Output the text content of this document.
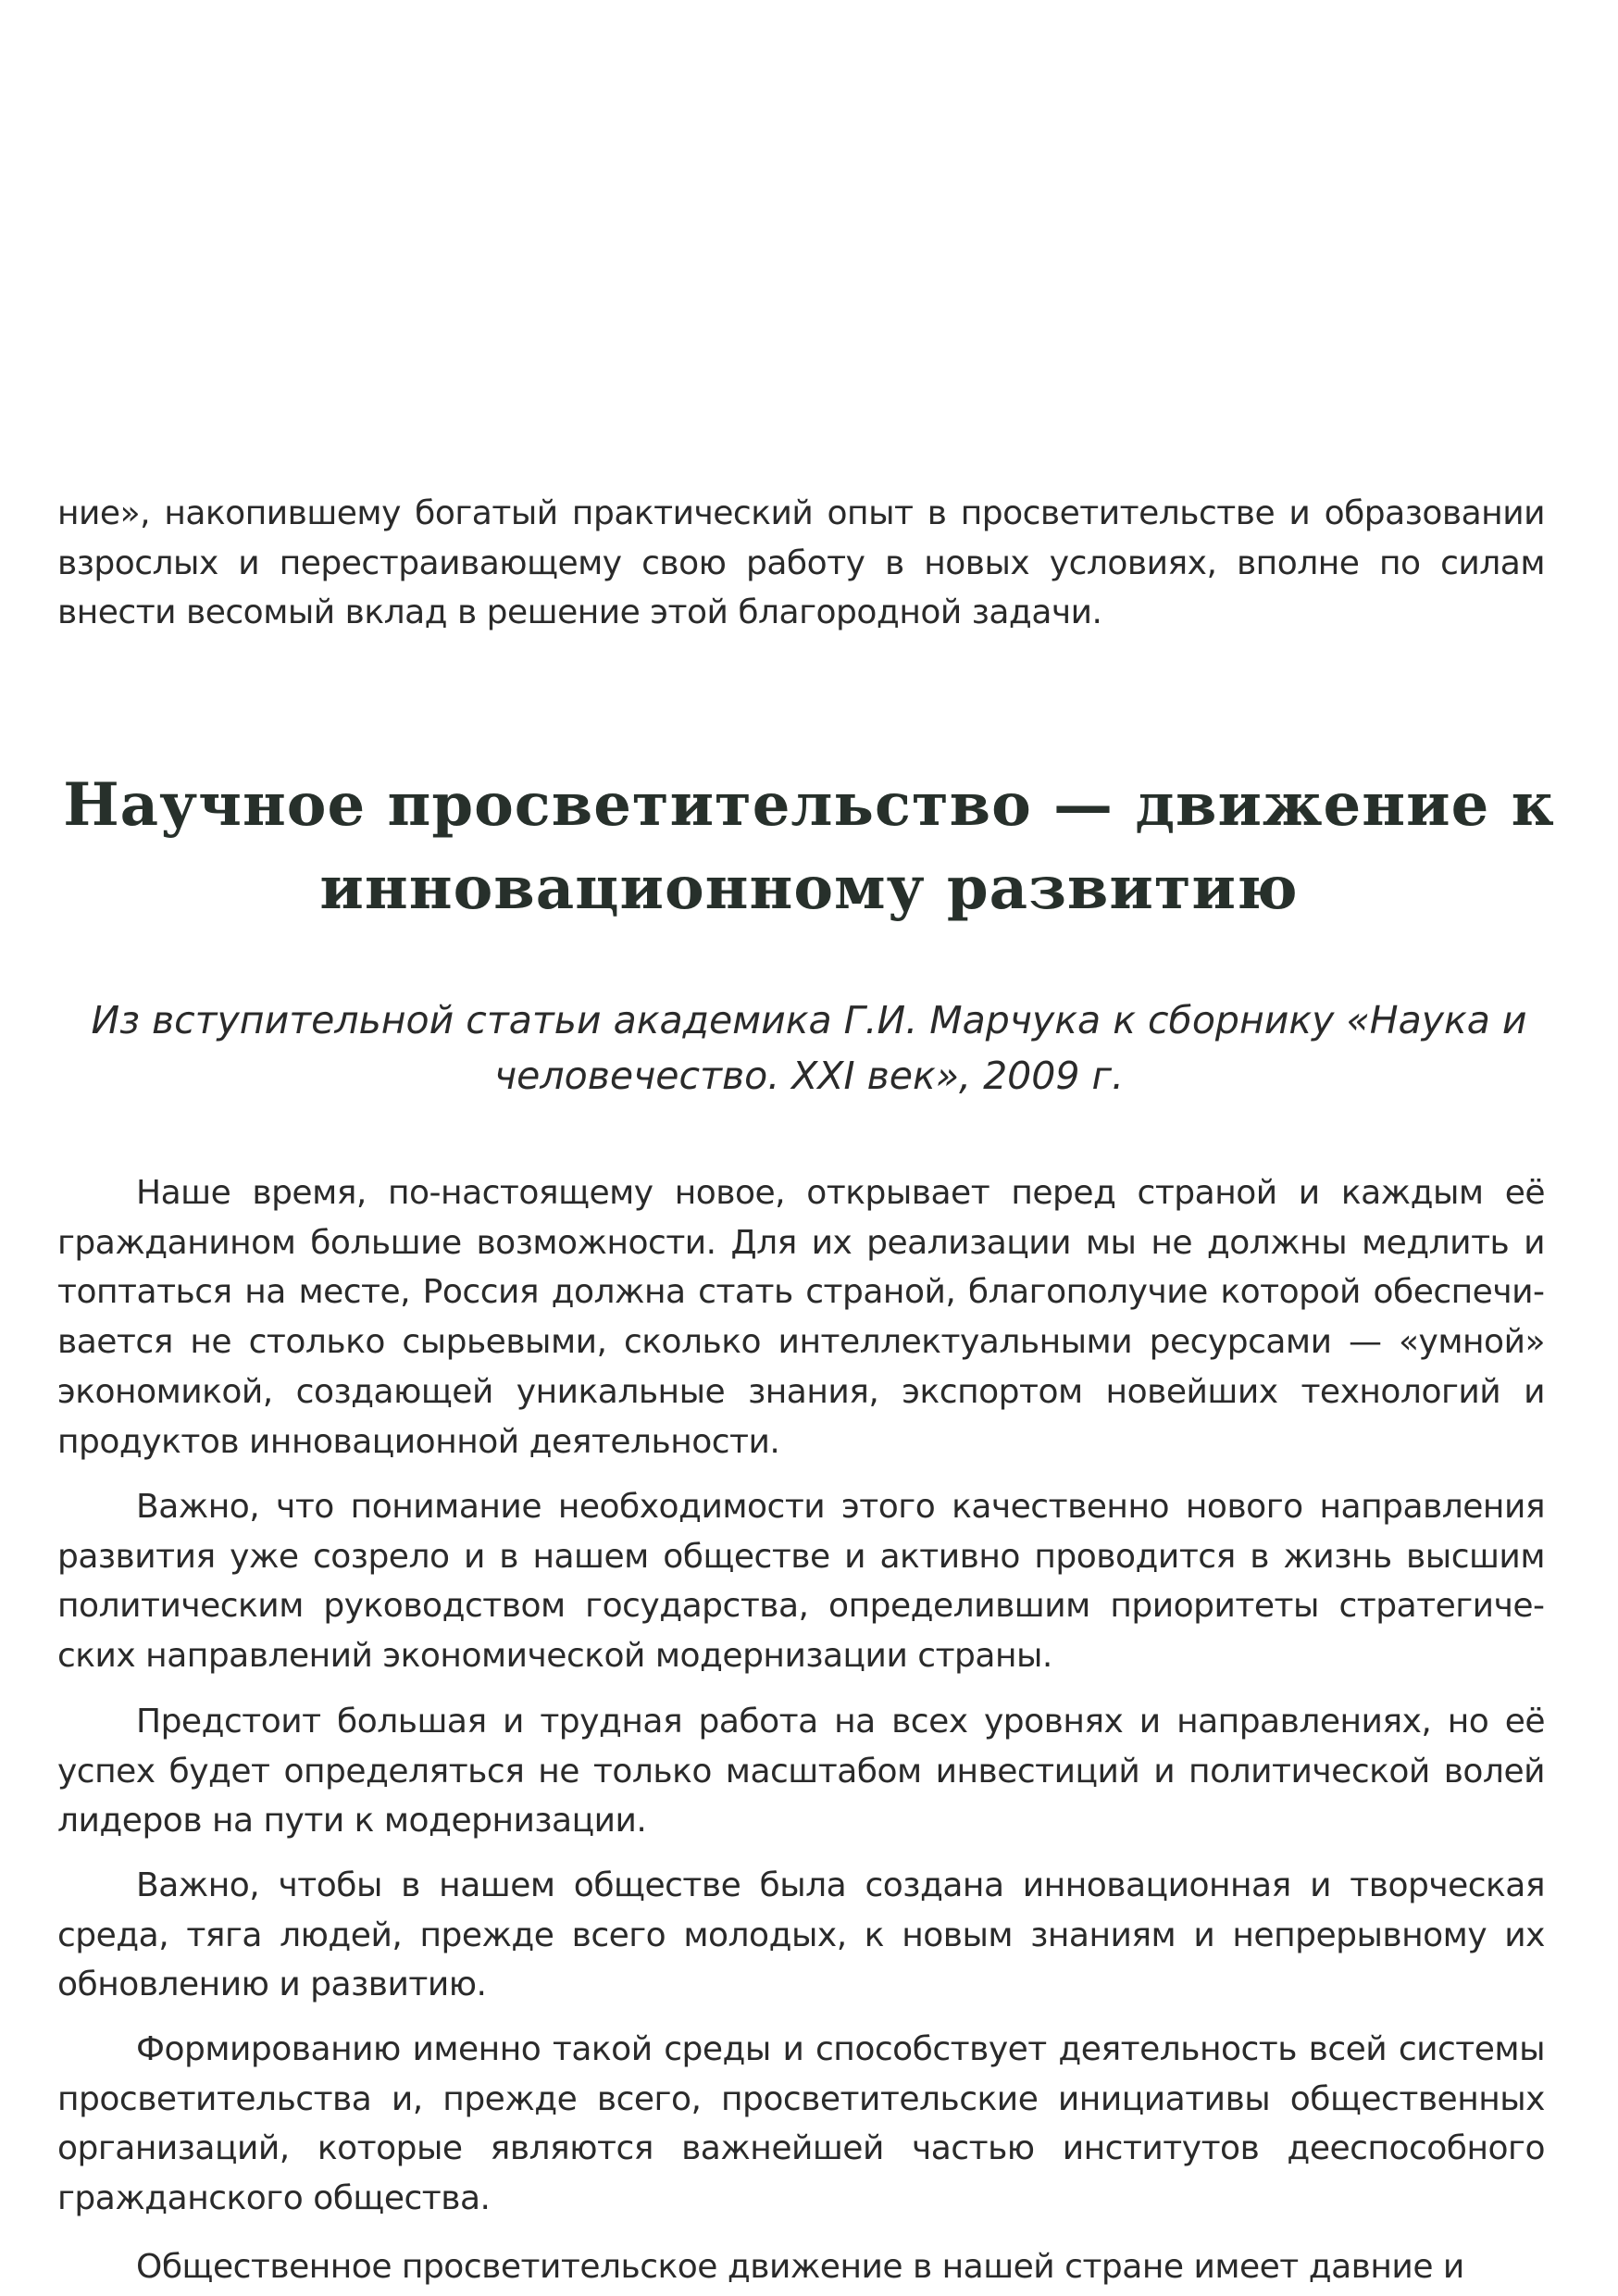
ние», накопившему богатый практический опыт в просветительстве и образовании взрослых и перестраивающему свою работу в новых условиях, вполне по силам внести весомый вклад в решение этой благородной задачи.

Научное просветительство — движение к инновационному развитию

Из вступительной статьи академика Г.И. Марчука к сборнику «Наука и человечество. XXI век», 2009 г.

Наше время, по-настоящему новое, открывает перед страной и каждым её гражданином большие возможности. Для их реализации мы не должны медлить и топтаться на месте, Россия должна стать страной, благополучие которой обеспечивается не столько сырьевыми, сколько интеллектуальными ресурсами — «умной» экономикой, создающей уникальные знания, экспортом новейших технологий и продуктов инновационной деятельности.

Важно, что понимание необходимости этого качественно нового направления развития уже созрело и в нашем обществе и активно проводится в жизнь высшим политическим руководством государства, определившим приоритеты стратегических направлений экономической модернизации страны.

Предстоит большая и трудная работа на всех уровнях и направлениях, но её успех будет определяться не только масштабом инвестиций и политической волей лидеров на пути к модернизации.

Важно, чтобы в нашем обществе была создана инновационная и творческая среда, тяга людей, прежде всего молодых, к новым знаниям и непрерывному их обновлению и развитию.

Формированию именно такой среды и способствует деятельность всей системы просветительства и, прежде всего, просветительские инициативы общественных организаций, которые являются важнейшей частью институтов дееспособного гражданского общества.

Общественное просветительское движение в нашей стране имеет давние и
